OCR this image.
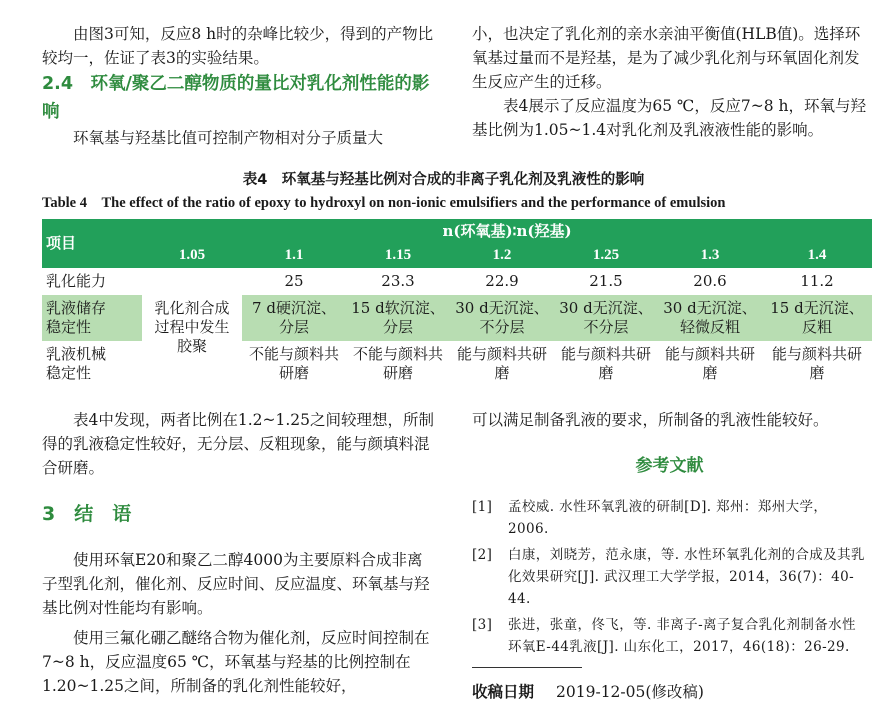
由图3可知，反应8 h时的杂峰比较少，得到的产物比较均一，佐证了表3的实验结果。

2.4　环氧/聚乙二醇物质的量比对乳化剂性能的影响

环氧基与羟基比值可控制产物相对分子质量大

小，也决定了乳化剂的亲水亲油平衡值(HLB值)。选择环氧基过量而不是羟基，是为了减少乳化剂与环氧固化剂发生反应产生的迁移。

表4展示了反应温度为65 ℃，反应7~8 h，环氧与羟基比例为1.05~1.4对乳化剂及乳液液性能的影响。

表4　环氧基与羟基比例对合成的非离子乳化剂及乳液性的影响
Table 4　The effect of the ratio of epoxy to hydroxyl on non-ionic emulsifiers and the performance of emulsion
项目	n(环氧基)∶n(羟基)						
	1.05	1.1	1.15	1.2	1.25	1.3	1.4
乳化能力	乳化剂合成过程中发生胶聚	25	23.3	22.9	21.5	20.6	11.2

乳液储存稳定性		7 d硬沉淀、分层	15 d软沉淀、分层	30 d无沉淀、不分层	30 d无沉淀、不分层	30 d无沉淀、轻微反粗	15 d无沉淀、反粗

乳液机械稳定性		不能与颜料共研磨	不能与颜料共研磨	能与颜料共研磨	能与颜料共研磨	能与颜料共研磨	能与颜料共研磨

表4中发现，两者比例在1.2~1.25之间较理想，所制得的乳液稳定性较好，无分层、反粗现象，能与颜填料混合研磨。

3　结　语

使用环氧E20和聚乙二醇4000为主要原料合成非离子型乳化剂，催化剂、反应时间、反应温度、环氧基与羟基比例对性能均有影响。

使用三氟化硼乙醚络合物为催化剂，反应时间控制在7~8 h，反应温度65 ℃，环氧基与羟基的比例控制在1.20~1.25之间，所制备的乳化剂性能较好，

可以满足制备乳液的要求，所制备的乳液性能较好。

参考文献

[1]	孟校威. 水性环氧乳液的研制[D]. 郑州：郑州大学，2006.
[2]	白康，刘晓芳，范永康，等. 水性环氧乳化剂的合成及其乳化效果研究[J]. 武汉理工大学学报，2014，36(7)：40-44.
[3]	张进，张童，佟飞，等. 非离子-离子复合乳化剂制备水性环氧E-44乳液[J]. 山东化工，2017，46(18)：26-29.
收稿日期 2019-12-05(修改稿)
